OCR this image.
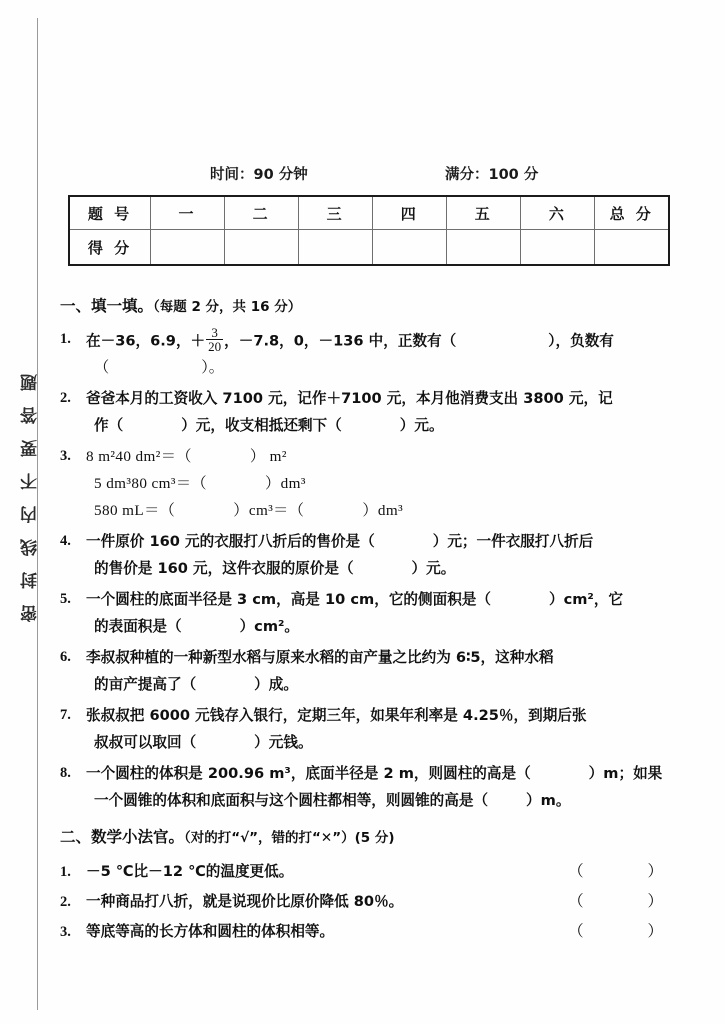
密封线内不要答题
时间：90 分钟	满分：100 分
题 号	一	二	三	四	五	六	总 分
得 分							
一、填一填。（每题 2 分，共 16 分）
1. 在－36，6.9，＋ $\frac{3}{20}$ ，－7.8，0，－136 中，正数有（	），负数有
（	）。
2. 爸爸本月的工资收入 7100 元，记作＋7100 元，本月他消费支出 3800 元，记
作（	）元，收支相抵还剩下（	）元。
3. 8 m²40 dm²＝（	） m²
5 dm³80 cm³＝（	）dm³
580 mL＝（	）cm³＝（	）dm³
4. 一件原价 160 元的衣服打八折后的售价是（	）元；一件衣服打八折后
的售价是 160 元，这件衣服的原价是（	）元。
5. 一个圆柱的底面半径是 3 cm，高是 10 cm，它的侧面积是（	）cm²，它
的表面积是（	）cm²。
6. 李叔叔种植的一种新型水稻与原来水稻的亩产量之比约为 6∶5，这种水稻
的亩产提高了（	）成。
7. 张叔叔把 6000 元钱存入银行，定期三年，如果年利率是 4.25％，到期后张
叔叔可以取回（	）元钱。
8. 一个圆柱的体积是 200.96 m³，底面半径是 2 m，则圆柱的高是（	）m；如果
一个圆锥的体积和底面积与这个圆柱都相等，则圆锥的高是（	）m。
二、数学小法官。（对的打“√”，错的打“✕”）(5 分)
1. －5 ℃比－12 ℃的温度更低。	（ ）
2. 一种商品打八折，就是说现价比原价降低 80％。	（ ）
3. 等底等高的长方体和圆柱的体积相等。	（ ）
